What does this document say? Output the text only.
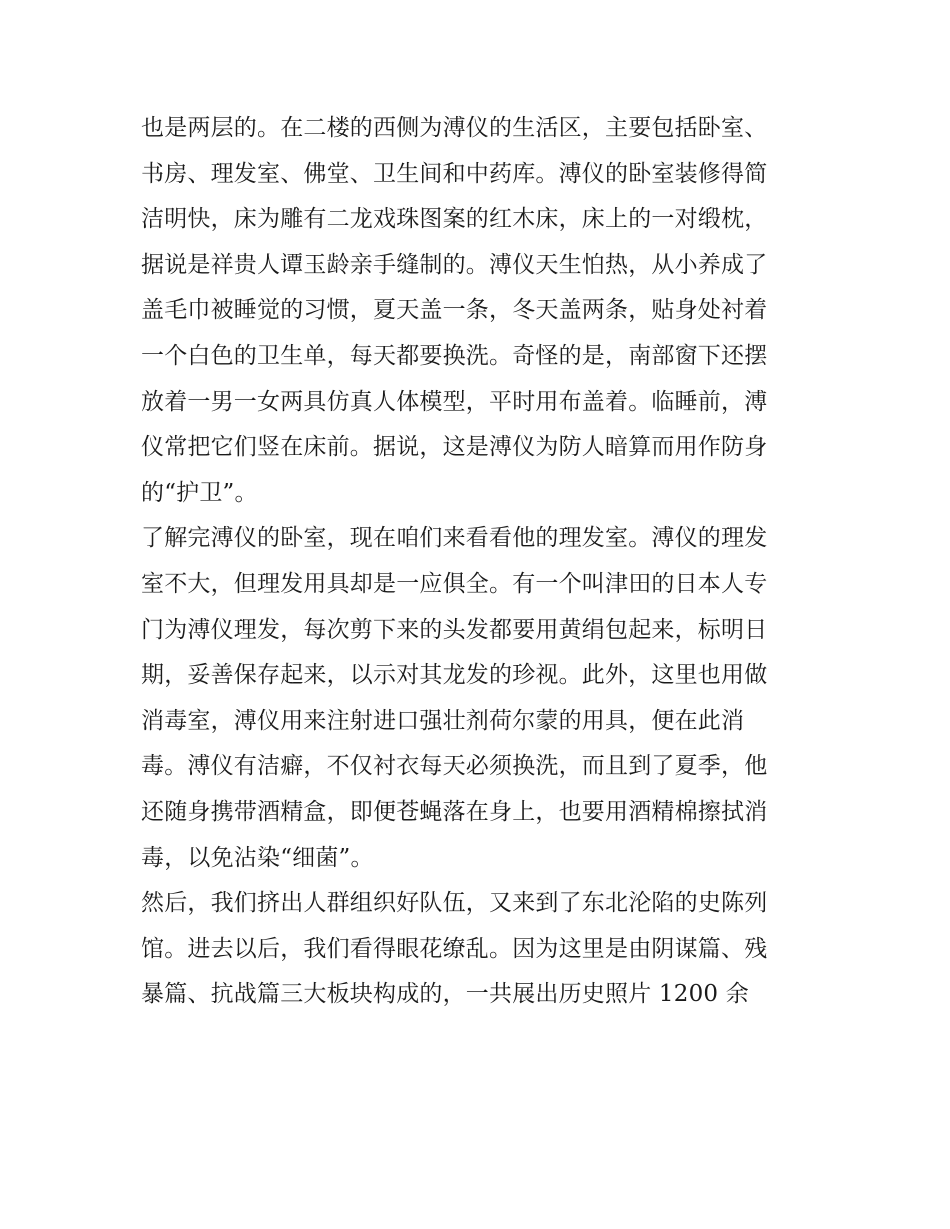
也是两层的。在二楼的西侧为溥仪的生活区，主要包括卧室、
书房、理发室、佛堂、卫生间和中药库。溥仪的卧室装修得简
洁明快，床为雕有二龙戏珠图案的红木床，床上的一对缎枕，
据说是祥贵人谭玉龄亲手缝制的。溥仪天生怕热，从小养成了
盖毛巾被睡觉的习惯，夏天盖一条，冬天盖两条，贴身处衬着
一个白色的卫生单，每天都要换洗。奇怪的是，南部窗下还摆
放着一男一女两具仿真人体模型，平时用布盖着。临睡前，溥
仪常把它们竖在床前。据说，这是溥仪为防人暗算而用作防身
的“护卫”。
了解完溥仪的卧室，现在咱们来看看他的理发室。溥仪的理发
室不大，但理发用具却是一应俱全。有一个叫津田的日本人专
门为溥仪理发，每次剪下来的头发都要用黄绢包起来，标明日
期，妥善保存起来，以示对其龙发的珍视。此外，这里也用做
消毒室，溥仪用来注射进口强壮剂荷尔蒙的用具，便在此消
毒。溥仪有洁癖，不仅衬衣每天必须换洗，而且到了夏季，他
还随身携带酒精盒，即便苍蝇落在身上，也要用酒精棉擦拭消
毒，以免沾染“细菌”。
然后，我们挤出人群组织好队伍，又来到了东北沦陷的史陈列
馆。进去以后，我们看得眼花缭乱。因为这里是由阴谋篇、残
暴篇、抗战篇三大板块构成的，一共展出历史照片 1200 余
